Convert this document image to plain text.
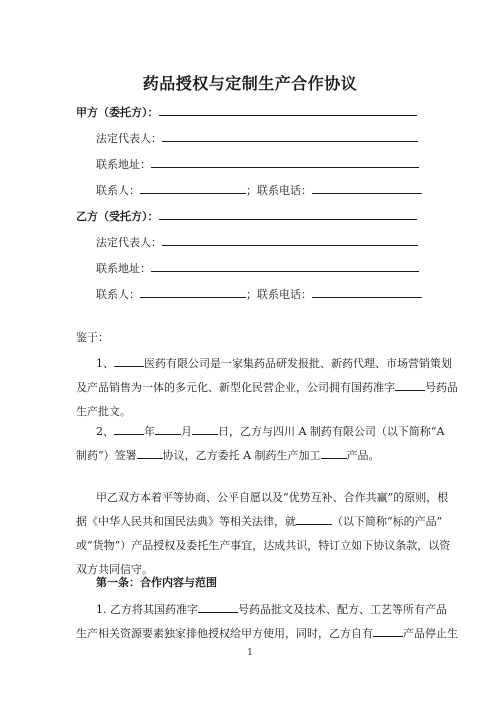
药品授权与定制生产合作协议
甲方（委托方）：
法定代表人：
联系地址：
联系人：	；联系电话：
乙方（受托方）：
法定代表人：
联系地址：
联系人：	；联系电话：
鉴于：
1、	医药有限公司是一家集药品研发报批、新药代理、市场营销策划
及产品销售为一体的多元化、新型化民营企业，公司拥有国药准字	号药品
生产批文。
2、	年 月 日，乙方与四川 A 制药有限公司（以下简称“A
制药”）签署 协议，乙方委托 A 制药生产加工 产品。
甲乙双方本着平等协商、公平自愿以及“优势互补、合作共赢”的原则，根
据《中华人民共和国民法典》等相关法律，就	（以下简称“标的产品”
或“货物”）产品授权及委托生产事宜，达成共识，特订立如下协议条款，以资
双方共同信守。
第一条：合作内容与范围
1. 乙方将其国药准字	号药品批文及技术、配方、工艺等所有产品
生产相关资源要素独家排他授权给甲方使用，同时，乙方自有	产品停止生
1
